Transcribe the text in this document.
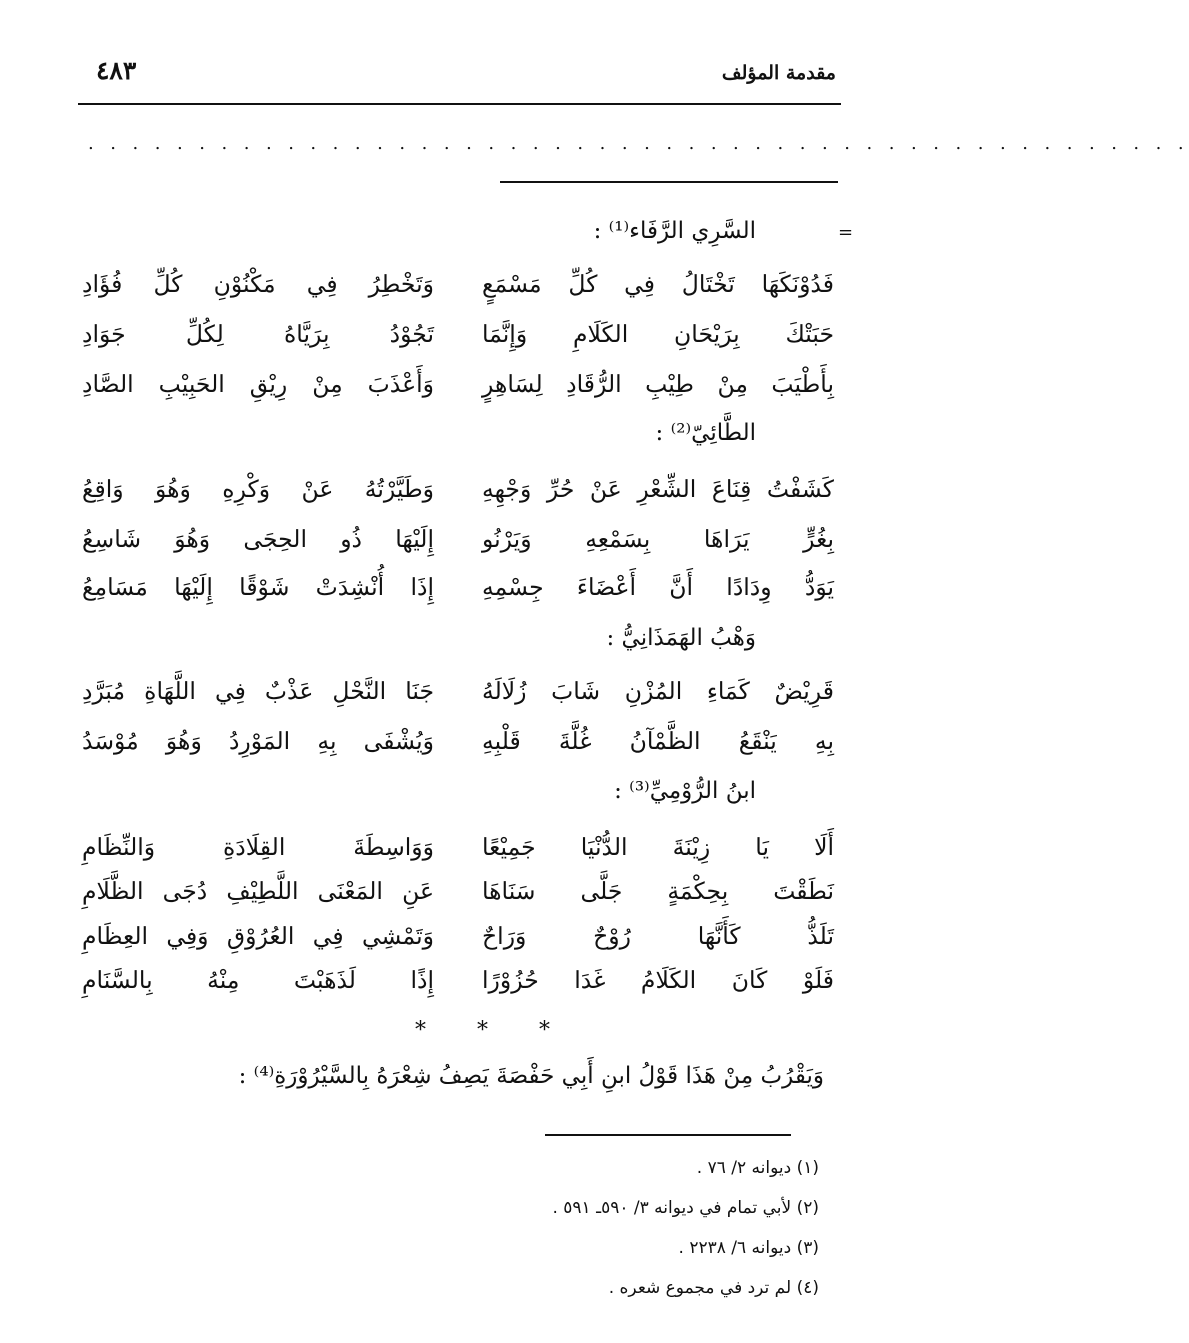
مقدمة المؤلف
٤٨٣
. . . . . . . . . . . . . . . . . . . . . . . . . . . . . . . . . . . . . . . . . . . . . . . . . .
=
السَّرِي الرَّفَاء⁽¹⁾ :
فَدُوْنَكَهَا تَخْتَالُ فِي كُلِّ مَسْمَعٍ
وَتَخْطِرُ فِي مَكْنُوْنِ كُلِّ فُؤَادِ
حَبَتْكَ بِرَيْحَانِ الكَلَامِ وَإِنَّمَا
تَجُوْدُ بِرَيَّاهُ لِكُلِّ جَوَادِ
بِأَطْيَبَ مِنْ طِيْبِ الرُّقَادِ لِسَاهِرٍ
وَأَعْذَبَ مِنْ رِيْقِ الحَبِيْبِ الصَّادِ
الطَّائِيّ⁽²⁾ :
كَشَفْتُ قِنَاعَ الشِّعْرِ عَنْ حُرِّ وَجْهِهِ
وَطَيَّرْتُهُ عَنْ وَكْرِهِ وَهُوَ وَاقِعُ
بِغُرٍّ يَرَاهَا بِسَمْعِهِ وَيَرْنُو
إِلَيْهَا ذُو الحِجَى وَهُوَ شَاسِعُ
يَوَدُّ وِدَادًا أَنَّ أَعْضَاءَ جِسْمِهِ
إِذَا أُنْشِدَتْ شَوْقًا إِلَيْهَا مَسَامِعُ
وَهْبُ الهَمَذَانِيُّ :
قَرِيْضٌ كَمَاءِ المُزْنِ شَابَ زُلَالَهُ
جَنَا النَّحْلِ عَذْبٌ فِي اللَّهَاةِ مُبَرَّدِ
بِهِ يَنْقَعُ الظَّمْآنُ غُلَّةَ قَلْبِهِ
وَيُشْفَى بِهِ المَوْرِدُ وَهُوَ مُوْسَدُ
ابنُ الرُّوْمِيِّ⁽³⁾ :
أَلَا يَا زِيْنَةَ الدُّنْيَا جَمِيْعًا
وَوَاسِطَةَ القِلَادَةِ وَالنِّظَامِ
نَطَقْتَ بِحِكْمَةٍ جَلَّى سَنَاهَا
عَنِ المَعْنَى اللَّطِيْفِ دُجَى الظَّلَامِ
تَلَذُّ كَأَنَّهَا رُوْحٌ وَرَاحٌ
وَتَمْشِي فِي العُرُوْقِ وَفِي العِظَامِ
فَلَوْ كَانَ الكَلَامُ غَدَا حُزُوْرًا
إِذًا لَذَهَبْتَ مِنْهُ بِالسَّنَامِ
* * *
وَيَقْرُبُ مِنْ هَذَا قَوْلُ ابنِ أَبِي حَفْصَةَ يَصِفُ شِعْرَهُ بِالسَّيْرُوْرَةِ⁽⁴⁾ :
(١) ديوانه ٢/ ٧٦ .
(٢) لأبي تمام في ديوانه ٣/ ٥٩٠ـ ٥٩١ .
(٣) ديوانه ٦/ ٢٢٣٨ .
(٤) لم ترد في مجموع شعره .
